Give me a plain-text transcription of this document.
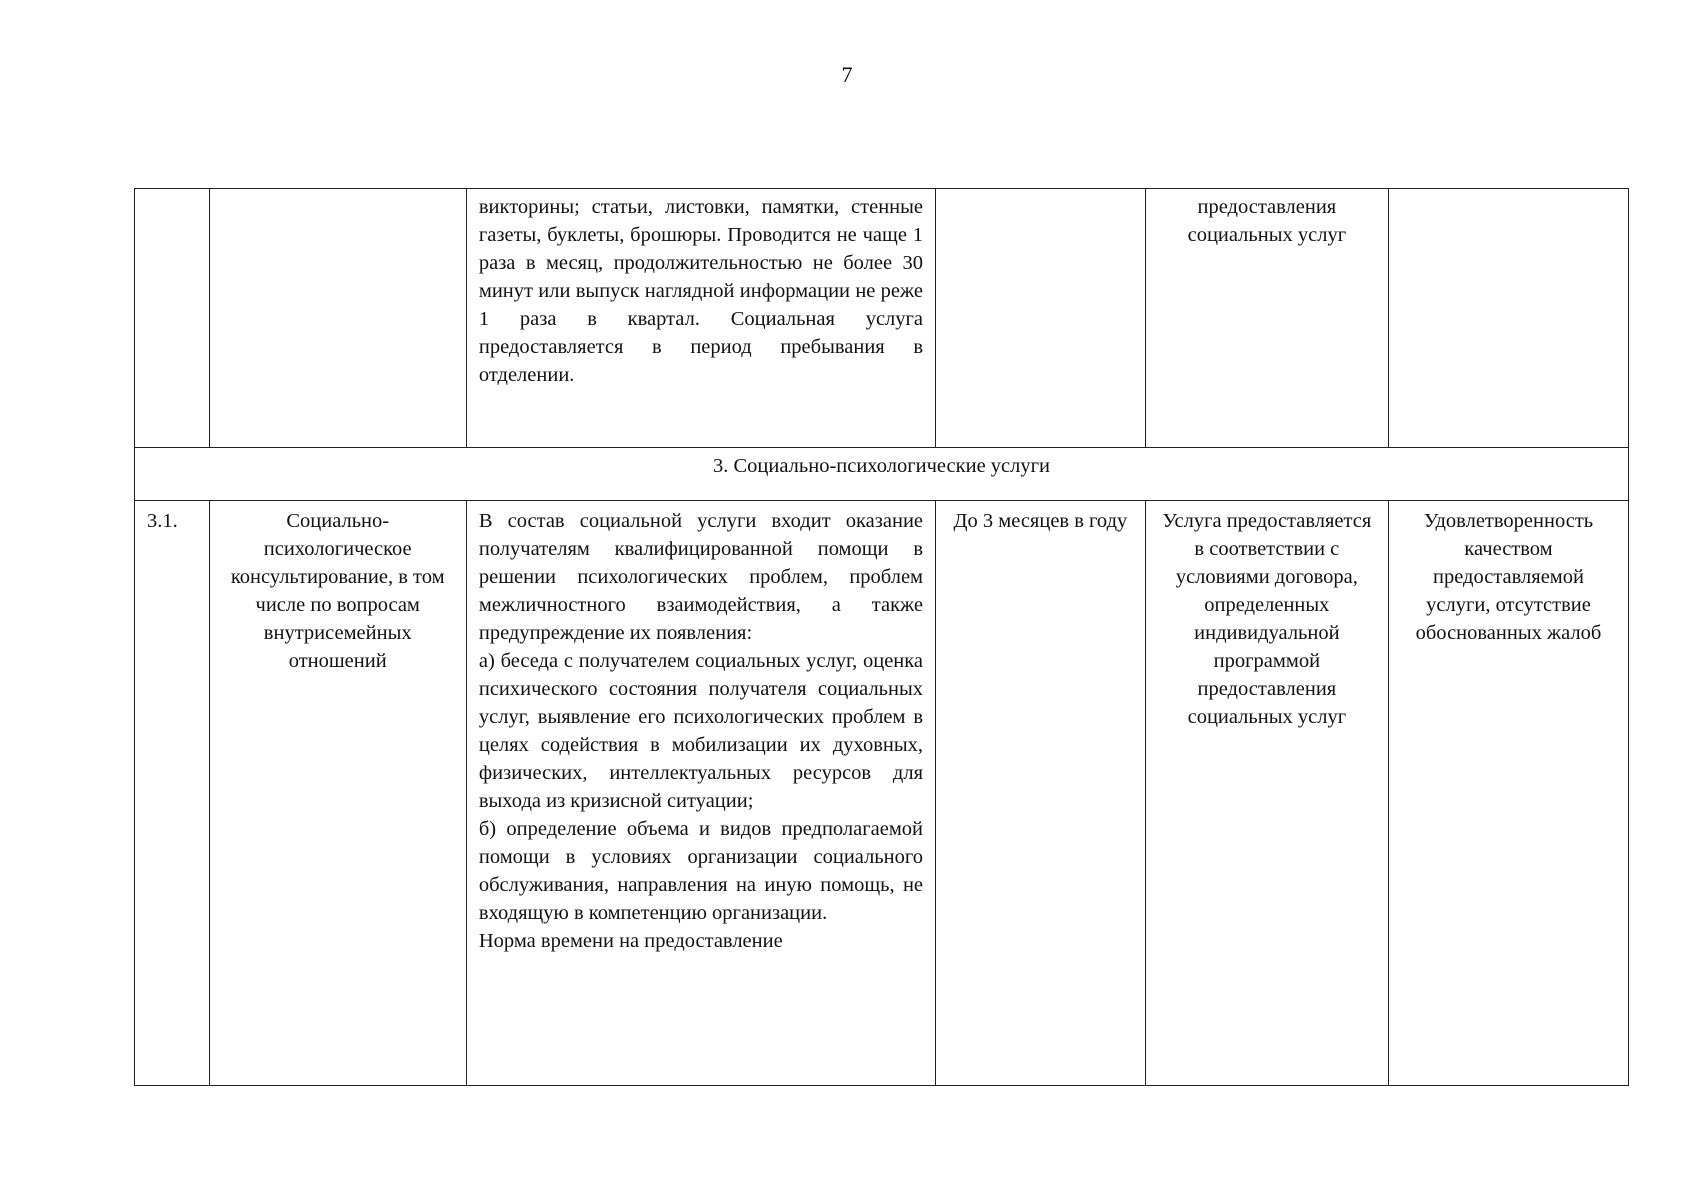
7
		викторины; статьи, листовки, памятки, стенные газеты, буклеты, брошюры. Проводится не чаще 1 раза в месяц, продолжительностью не более 30 минут или выпуск наглядной информации не реже 1 раза в квартал. Социальная услуга предоставляется в период пребывания в отделении.		предоставления социальных услуг	
3. Социально-психологические услуги					
3.1.	Социально-психологическое консультирование, в том числе по вопросам внутрисемейных отношений	В состав социальной услуги входит оказание получателям квалифицированной помощи в решении психологических проблем, проблем межличностного взаимодействия, а также предупреждение их появления:

а) беседа с получателем социальных услуг, оценка психического состояния получателя социальных услуг, выявление его психологических проблем в целях содействия в мобилизации их духовных, физических, интеллектуальных ресурсов для выхода из кризисной ситуации;

б) определение объема и видов предполагаемой помощи в условиях организации социального обслуживания, направления на иную помощь, не входящую в компетенцию организации.

Норма времени на предоставление	До 3 месяцев в году	Услуга предоставляется в соответствии с условиями договора, определенных индивидуальной программой предоставления социальных услуг	Удовлетворенность качеством предоставляемой услуги, отсутствие обоснованных жалоб
